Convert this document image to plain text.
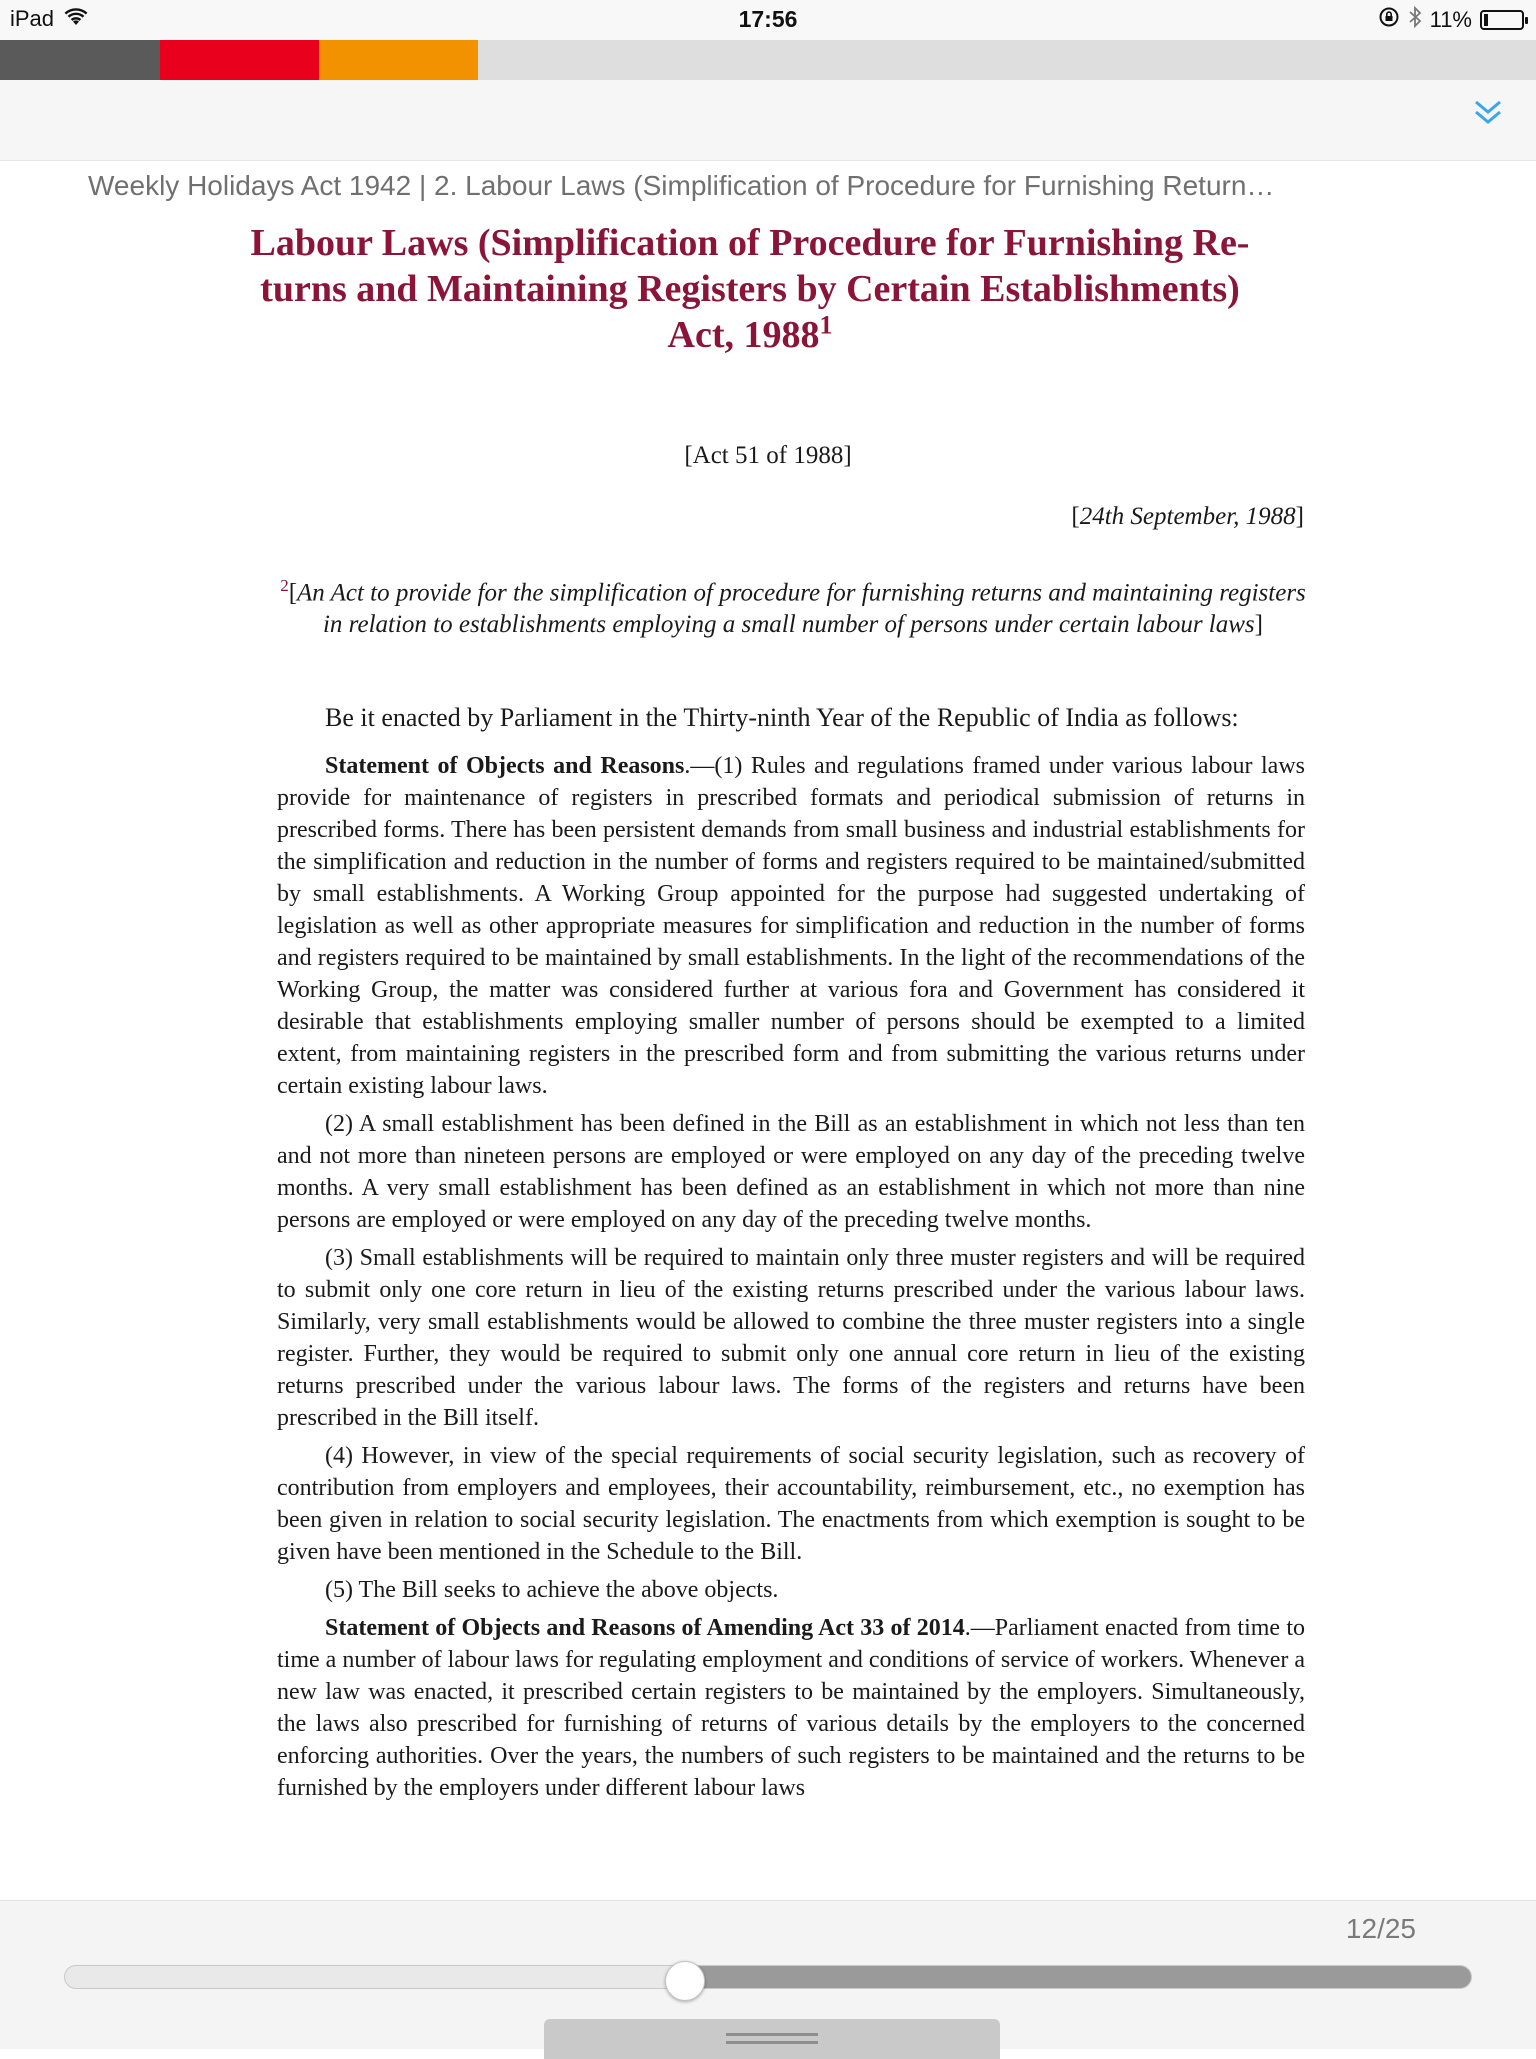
iPad	17:56	11%
Weekly Holidays Act 1942 | 2. Labour Laws (Simplification of Procedure for Furnishing Return…
Labour Laws (Simplification of Procedure for Furnishing Re-
turns and Maintaining Registers by Certain Establishments)
Act, 1988$^1$
[Act 51 of 1988]
[24th September, 1988]
$^2$[An Act to provide for the simplification of procedure for furnishing returns and maintaining registers in relation to establishments employing a small number of persons under certain labour laws]

Be it enacted by Parliament in the Thirty-ninth Year of the Republic of India as follows:

Statement of Objects and Reasons.—(1) Rules and regulations framed under various labour laws provide for maintenance of registers in prescribed formats and periodical submission of returns in prescribed forms. There has been persistent demands from small business and industrial establishments for the simplification and reduction in the number of forms and registers required to be maintained/submitted by small establishments. A Working Group appointed for the purpose had suggested undertaking of legislation as well as other appropriate measures for simplification and reduction in the number of forms and registers required to be maintained by small establishments. In the light of the recommendations of the Working Group, the matter was considered further at various fora and Government has considered it desirable that establishments employing smaller number of persons should be exempted to a limited extent, from maintaining registers in the prescribed form and from submitting the various returns under certain existing labour laws.

(2) A small establishment has been defined in the Bill as an establishment in which not less than ten and not more than nineteen persons are employed or were employed on any day of the preceding twelve months. A very small establishment has been defined as an establishment in which not more than nine persons are employed or were employed on any day of the preceding twelve months.

(3) Small establishments will be required to maintain only three muster registers and will be required to submit only one core return in lieu of the existing returns prescribed under the various labour laws. Similarly, very small establishments would be allowed to combine the three muster registers into a single register. Further, they would be required to submit only one annual core return in lieu of the existing returns prescribed under the various labour laws. The forms of the registers and returns have been prescribed in the Bill itself.

(4) However, in view of the special requirements of social security legislation, such as recovery of contribution from employers and employees, their accountability, reimbursement, etc., no exemption has been given in relation to social security legislation. The enactments from which exemption is sought to be given have been mentioned in the Schedule to the Bill.

(5) The Bill seeks to achieve the above objects.

Statement of Objects and Reasons of Amending Act 33 of 2014.—Parliament enacted from time to time a number of labour laws for regulating employment and conditions of service of workers. Whenever a new law was enacted, it prescribed certain registers to be maintained by the employers. Simultaneously, the laws also prescribed for furnishing of returns of various details by the employers to the concerned enforcing authorities. Over the years, the numbers of such registers to be maintained and the returns to be furnished by the employers under different labour laws

12/25
